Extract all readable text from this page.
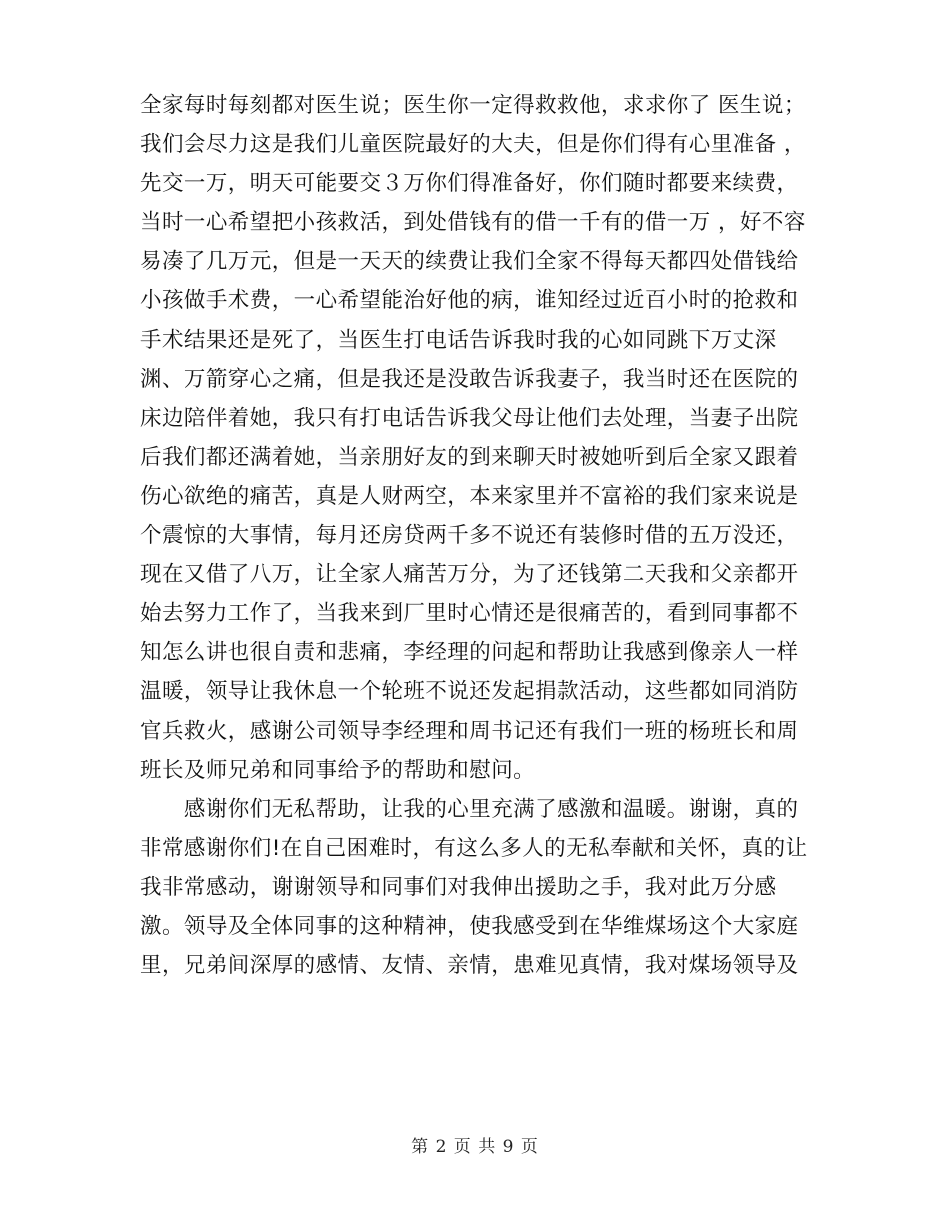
全家每时每刻都对医生说；医生你一定得救救他，求求你了 医生说；
我们会尽力这是我们儿童医院最好的大夫，但是你们得有心里准备 ，
先交一万，明天可能要交３万你们得准备好，你们随时都要来续费，
当时一心希望把小孩救活，到处借钱有的借一千有的借一万 ，好不容
易凑了几万元，但是一天天的续费让我们全家不得每天都四处借钱给
小孩做手术费，一心希望能治好他的病，谁知经过近百小时的抢救和
手术结果还是死了，当医生打电话告诉我时我的心如同跳下万丈深
渊、万箭穿心之痛，但是我还是没敢告诉我妻子，我当时还在医院的
床边陪伴着她，我只有打电话告诉我父母让他们去处理，当妻子出院
后我们都还满着她，当亲朋好友的到来聊天时被她听到后全家又跟着
伤心欲绝的痛苦，真是人财两空，本来家里并不富裕的我们家来说是
个震惊的大事情，每月还房贷两千多不说还有装修时借的五万没还，
现在又借了八万，让全家人痛苦万分，为了还钱第二天我和父亲都开
始去努力工作了，当我来到厂里时心情还是很痛苦的，看到同事都不
知怎么讲也很自责和悲痛，李经理的问起和帮助让我感到像亲人一样
温暖，领导让我休息一个轮班不说还发起捐款活动，这些都如同消防
官兵救火，感谢公司领导李经理和周书记还有我们一班的杨班长和周
班长及师兄弟和同事给予的帮助和慰问。
　　感谢你们无私帮助，让我的心里充满了感激和温暖。谢谢，真的
非常感谢你们!在自己困难时，有这么多人的无私奉献和关怀，真的让
我非常感动，谢谢领导和同事们对我伸出援助之手，我对此万分感
激。领导及全体同事的这种精神，使我感受到在华维煤场这个大家庭
里，兄弟间深厚的感情、友情、亲情，患难见真情，我对煤场领导及
第 2 页 共 9 页
